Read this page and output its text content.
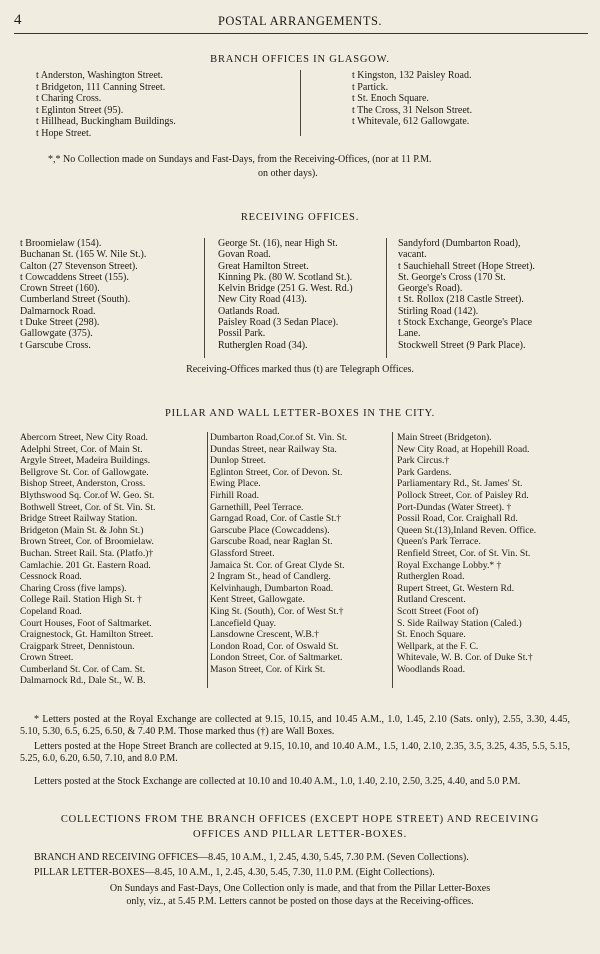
4	POSTAL ARRANGEMENTS.
BRANCH OFFICES IN GLASGOW.
t Anderston, Washington Street.
t Bridgeton, 111 Canning Street.
t Charing Cross.
t Eglinton Street (95).
t Hillhead, Buckingham Buildings.
t Hope Street.
t Kingston, 132 Paisley Road.
t Partick.
t St. Enoch Square.
t The Cross, 31 Nelson Street.
t Whitevale, 612 Gallowgate.
*,* No Collection made on Sundays and Fast-Days, from the Receiving-Offices, (nor at 11 P.M.
on other days).
RECEIVING OFFICES.
t Broomielaw (154).
Buchanan St. (165 W. Nile St.).
Calton (27 Stevenson Street).
t Cowcaddens Street (155).
Crown Street (160).
Cumberland Street (South).
Dalmarnock Road.
t Duke Street (298).
Gallowgate (375).
t Garscube Cross.
George St. (16), near High St.
Govan Road.
Great Hamilton Street.
Kinning Pk. (80 W. Scotland St.).
Kelvin Bridge (251 G. West. Rd.)
New City Road (413).
Oatlands Road.
Paisley Road (3 Sedan Place).
Possil Park.
Rutherglen Road (34).
Sandyford (Dumbarton Road),
vacant.
t Sauchiehall Street (Hope Street).
St. George's Cross (170 St.
George's Road).
t St. Rollox (218 Castle Street).
Stirling Road (142).
t Stock Exchange, George's Place
Lane.
Stockwell Street (9 Park Place).
Receiving-Offices marked thus (t) are Telegraph Offices.
PILLAR AND WALL LETTER-BOXES IN THE CITY.
Abercorn Street, New City Road.
Adelphi Street, Cor. of Main St.
Argyle Street, Madeira Buildings.
Bellgrove St. Cor. of Gallowgate.
Bishop Street, Anderston, Cross.
Blythswood Sq. Cor.of W. Geo. St.
Bothwell Street, Cor. of St. Vin. St.
Bridge Street Railway Station.
Bridgeton (Main St. & John St.)
Brown Street, Cor. of Broomielaw.
Buchan. Street Rail. Sta. (Platfo.)†
Camlachie. 201 Gt. Eastern Road.
Cessnock Road.
Charing Cross (five lamps).
College Rail. Station High St. †
Copeland Road.
Court Houses, Foot of Saltmarket.
Craignestock, Gt. Hamilton Street.
Craigpark Street, Dennistoun.
Crown Street.
Cumberland St. Cor. of Cam. St.
Dalmarnock Rd., Dale St., W. B.
Dumbarton Road,Cor.of St. Vin. St.
Dundas Street, near Railway Sta.
Dunlop Street.
Eglinton Street, Cor. of Devon. St.
Ewing Place.
Firhill Road.
Garnethill, Peel Terrace.
Garngad Road, Cor. of Castle St.†
Garscube Place (Cowcaddens).
Garscube Road, near Raglan St.
Glassford Street.
Jamaica St. Cor. of Great Clyde St.
2 Ingram St., head of Candlerg.
Kelvinhaugh, Dumbarton Road.
Kent Street, Gallowgate.
King St. (South), Cor. of West St.†
Lancefield Quay.
Lansdowne Crescent, W.B.†
London Road, Cor. of Oswald St.
London Street, Cor. of Saltmarket.
Mason Street, Cor. of Kirk St.
Main Street (Bridgeton).
New City Road, at Hopehill Road.
Park Circus.†
Park Gardens.
Parliamentary Rd., St. James' St.
Pollock Street, Cor. of Paisley Rd.
Port-Dundas (Water Street). †
Possil Road, Cor. Craighall Rd.
Queen St.(13),Inland Reven. Office.
Queen's Park Terrace.
Renfield Street, Cor. of St. Vin. St.
Royal Exchange Lobby.* †
Rutherglen Road.
Rupert Street, Gt. Western Rd.
Rutland Crescent.
Scott Street (Foot of)
S. Side Railway Station (Caled.)
St. Enoch Square.
Wellpark, at the F. C.
Whitevale, W. B. Cor. of Duke St.†
Woodlands Road.
* Letters posted at the Royal Exchange are collected at 9.15, 10.15, and 10.45 A.M., 1.0, 1.45, 2.10 (Sats. only), 2.55, 3.30, 4.45, 5.10, 5.30, 6.5, 6.25, 6.50, & 7.40 P.M. Those marked thus (†) are Wall Boxes.
Letters posted at the Hope Street Branch are collected at 9.15, 10.10, and 10.40 A.M., 1.5, 1.40, 2.10, 2.35, 3.5, 3.25, 4.35, 5.5, 5.15, 5.25, 6.0, 6.20, 6.50, 7.10, and 8.0 P.M.
Letters posted at the Stock Exchange are collected at 10.10 and 10.40 A.M., 1.0, 1.40, 2.10, 2.50, 3.25, 4.40, and 5.0 P.M.
COLLECTIONS FROM THE BRANCH OFFICES (EXCEPT HOPE STREET) AND RECEIVING
OFFICES AND PILLAR LETTER-BOXES.
BRANCH AND RECEIVING OFFICES—8.45, 10 A.M., 1, 2.45, 4.30, 5.45, 7.30 P.M. (Seven Collections).
PILLAR LETTER-BOXES—8.45, 10 A.M., 1, 2.45, 4.30, 5.45, 7.30, 11.0 P.M. (Eight Collections).
On Sundays and Fast-Days, One Collection only is made, and that from the Pillar Letter-Boxes
only, viz., at 5.45 P.M. Letters cannot be posted on those days at the Receiving-offices.
